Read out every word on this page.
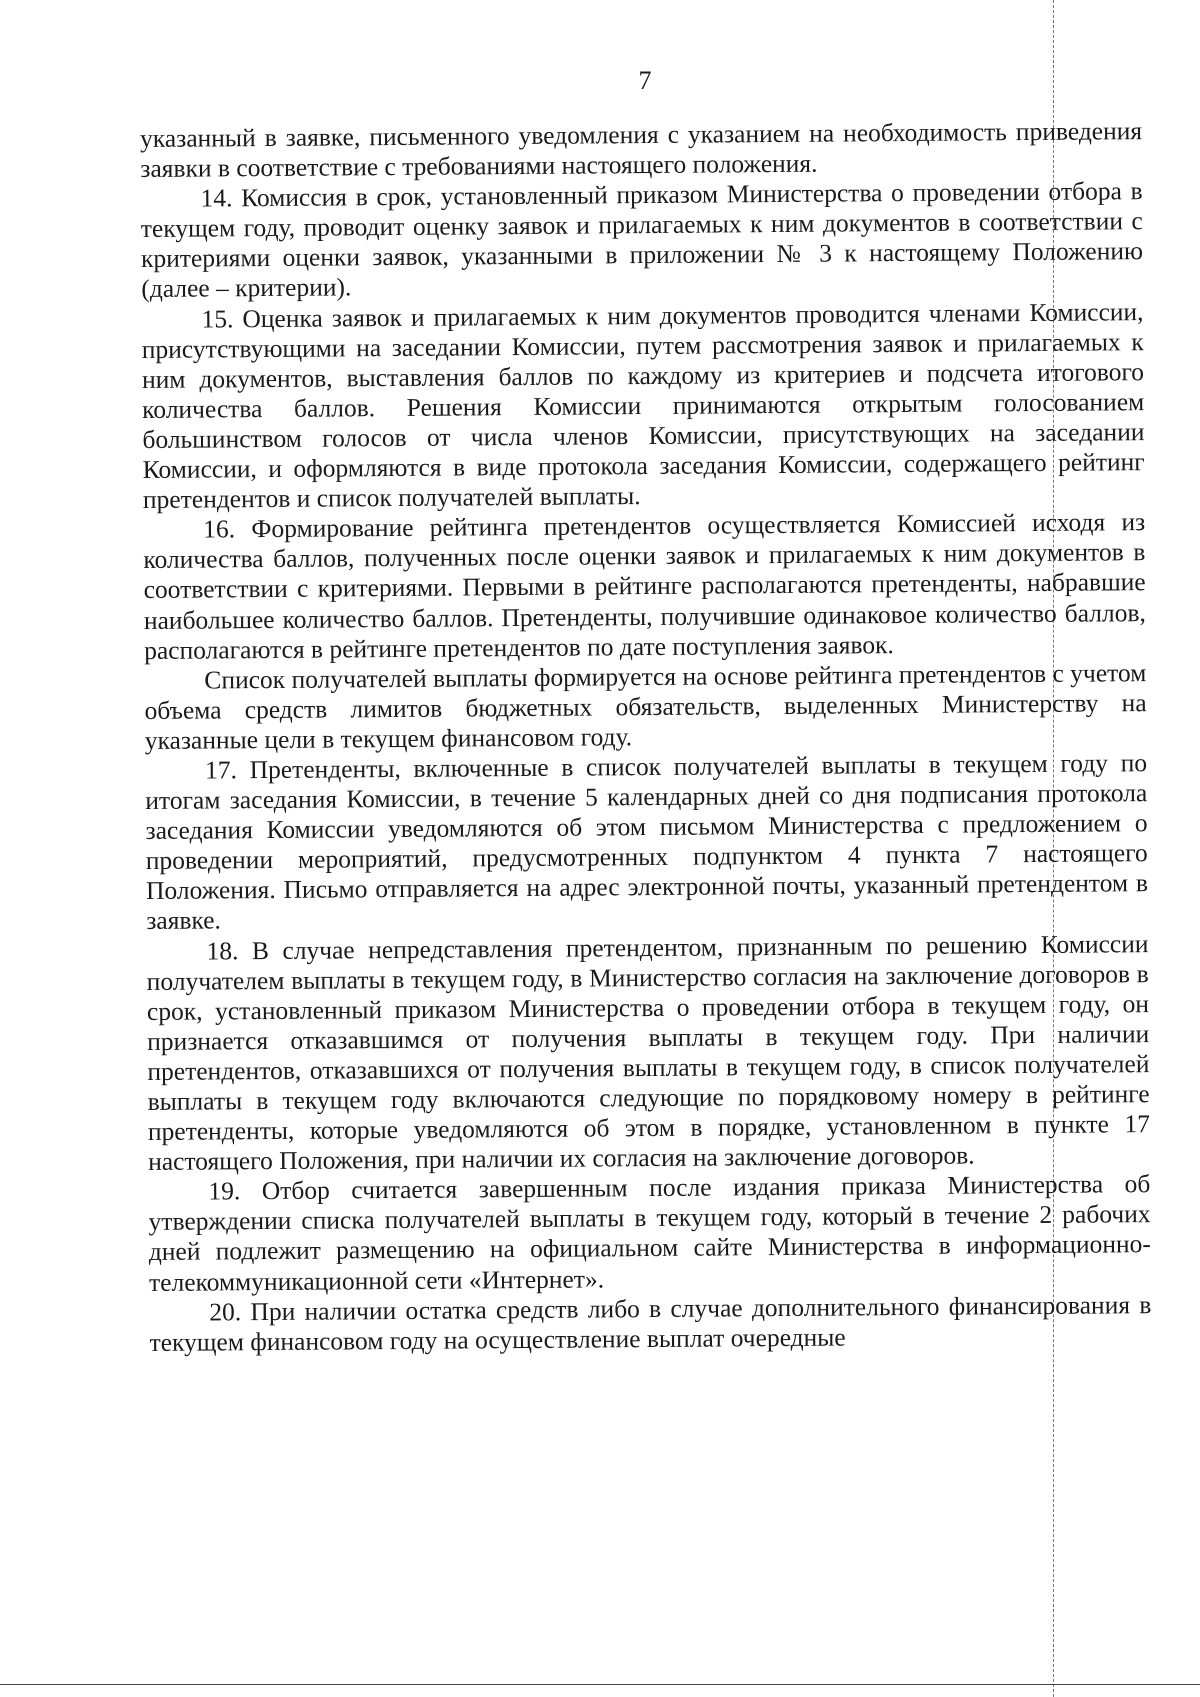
7

указанный в заявке, письменного уведомления с указанием на необходимость приведения заявки в соответствие с требованиями настоящего положения.

14. Комиссия в срок, установленный приказом Министерства о проведении отбора в текущем году, проводит оценку заявок и прилагаемых к ним документов в соответствии с критериями оценки заявок, указанными в приложении № 3 к настоящему Положению (далее – критерии).

15. Оценка заявок и прилагаемых к ним документов проводится членами Комиссии, присутствующими на заседании Комиссии, путем рассмотрения заявок и прилагаемых к ним документов, выставления баллов по каждому из критериев и подсчета итогового количества баллов. Решения Комиссии принимаются открытым голосованием большинством голосов от числа членов Комиссии, присутствующих на заседании Комиссии, и оформляются в виде протокола заседания Комиссии, содержащего рейтинг претендентов и список получателей выплаты.

16. Формирование рейтинга претендентов осуществляется Комиссией исходя из количества баллов, полученных после оценки заявок и прилагаемых к ним документов в соответствии с критериями. Первыми в рейтинге располагаются претенденты, набравшие наибольшее количество баллов. Претенденты, получившие одинаковое количество баллов, располагаются в рейтинге претендентов по дате поступления заявок.

Список получателей выплаты формируется на основе рейтинга претендентов с учетом объема средств лимитов бюджетных обязательств, выделенных Министерству на указанные цели в текущем финансовом году.

17. Претенденты, включенные в список получателей выплаты в текущем году по итогам заседания Комиссии, в течение 5 календарных дней со дня подписания протокола заседания Комиссии уведомляются об этом письмом Министерства с предложением о проведении мероприятий, предусмотренных подпунктом 4 пункта 7 настоящего Положения. Письмо отправляется на адрес электронной почты, указанный претендентом в заявке.

18. В случае непредставления претендентом, признанным по решению Комиссии получателем выплаты в текущем году, в Министерство согласия на заключение договоров в срок, установленный приказом Министерства о проведении отбора в текущем году, он признается отказавшимся от получения выплаты в текущем году. При наличии претендентов, отказавшихся от получения выплаты в текущем году, в список получателей выплаты в текущем году включаются следующие по порядковому номеру в рейтинге претенденты, которые уведомляются об этом в порядке, установленном в пункте 17 настоящего Положения, при наличии их согласия на заключение договоров.

19. Отбор считается завершенным после издания приказа Министерства об утверждении списка получателей выплаты в текущем году, который в течение 2 рабочих дней подлежит размещению на официальном сайте Министерства в информационно-телекоммуникационной сети «Интернет».

20. При наличии остатка средств либо в случае дополнительного финансирования в текущем финансовом году на осуществление выплат очередные
